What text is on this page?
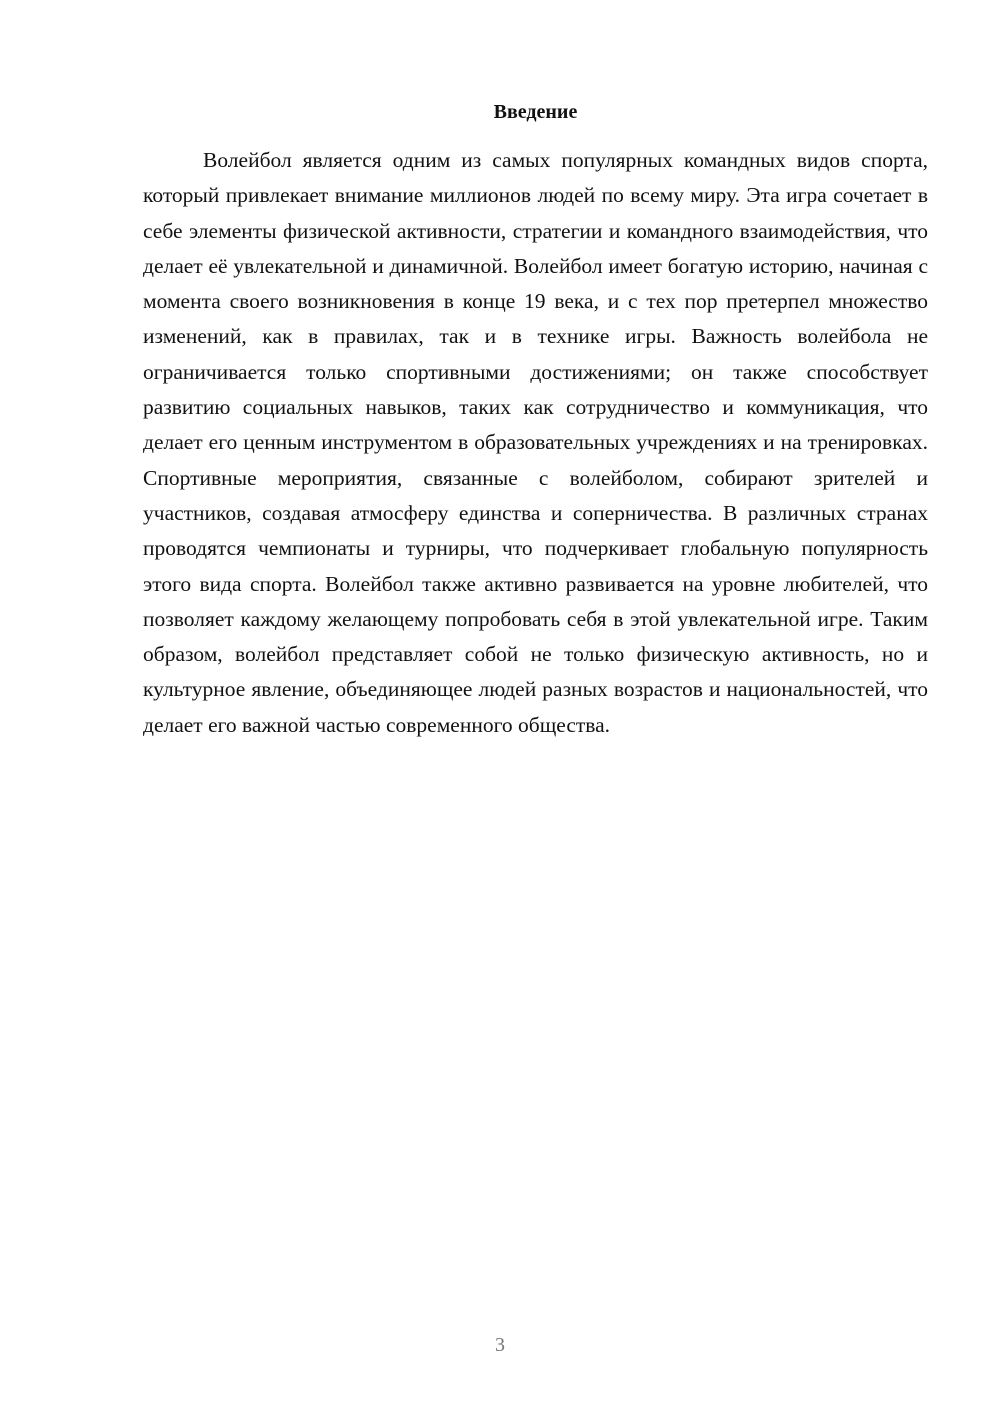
Введение

Волейбол является одним из самых популярных командных видов спорта, который привлекает внимание миллионов людей по всему миру. Эта игра сочетает в себе элементы физической активности, стратегии и командного взаимодействия, что делает её увлекательной и динамичной. Волейбол имеет богатую историю, начиная с момента своего возникновения в конце 19 века, и с тех пор претерпел множество изменений, как в правилах, так и в технике игры. Важность волейбола не ограничивается только спортивными достижениями; он также способствует развитию социальных навыков, таких как сотрудничество и коммуникация, что делает его ценным инструментом в образовательных учреждениях и на тренировках. Спортивные мероприятия, связанные с волейболом, собирают зрителей и участников, создавая атмосферу единства и соперничества. В различных странах проводятся чемпионаты и турниры, что подчеркивает глобальную популярность этого вида спорта. Волейбол также активно развивается на уровне любителей, что позволяет каждому желающему попробовать себя в этой увлекательной игре. Таким образом, волейбол представляет собой не только физическую активность, но и культурное явление, объединяющее людей разных возрастов и национальностей, что делает его важной частью современного общества.

3
